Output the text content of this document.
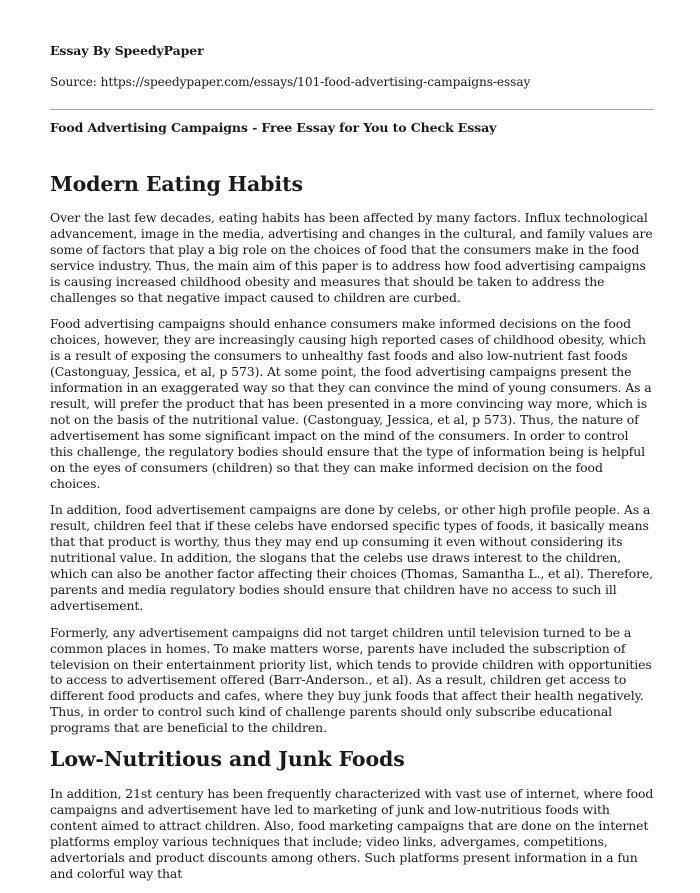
Essay By SpeedyPaper

Source: https://speedypaper.com/essays/101-food-advertising-campaigns-essay

Food Advertising Campaigns - Free Essay for You to Check Essay

Modern Eating Habits

Over the last few decades, eating habits has been affected by many factors. Influx technological advancement, image in the media, advertising and changes in the cultural, and family values are some of factors that play a big role on the choices of food that the consumers make in the food service industry. Thus, the main aim of this paper is to address how food advertising campaigns is causing increased childhood obesity and measures that should be taken to address the challenges so that negative impact caused to children are curbed.

Food advertising campaigns should enhance consumers make informed decisions on the food choices, however, they are increasingly causing high reported cases of childhood obesity, which is a result of exposing the consumers to unhealthy fast foods and also low-nutrient fast foods (Castonguay, Jessica, et al, p 573). At some point, the food advertising campaigns present the information in an exaggerated way so that they can convince the mind of young consumers. As a result, will prefer the product that has been presented in a more convincing way more, which is not on the basis of the nutritional value. (Castonguay, Jessica, et al, p 573). Thus, the nature of advertisement has some significant impact on the mind of the consumers. In order to control this challenge, the regulatory bodies should ensure that the type of information being is helpful on the eyes of consumers (children) so that they can make informed decision on the food choices.

In addition, food advertisement campaigns are done by celebs, or other high profile people. As a result, children feel that if these celebs have endorsed specific types of foods, it basically means that that product is worthy, thus they may end up consuming it even without considering its nutritional value. In addition, the slogans that the celebs use draws interest to the children, which can also be another factor affecting their choices (Thomas, Samantha L., et al). Therefore, parents and media regulatory bodies should ensure that children have no access to such ill advertisement.

Formerly, any advertisement campaigns did not target children until television turned to be a common places in homes. To make matters worse, parents have included the subscription of television on their entertainment priority list, which tends to provide children with opportunities to access to advertisement offered (Barr-Anderson., et al). As a result, children get access to different food products and cafes, where they buy junk foods that affect their health negatively. Thus, in order to control such kind of challenge parents should only subscribe educational programs that are beneficial to the children.

Low-Nutritious and Junk Foods

In addition, 21st century has been frequently characterized with vast use of internet, where food campaigns and advertisement have led to marketing of junk and low-nutritious foods with content aimed to attract children. Also, food marketing campaigns that are done on the internet platforms employ various techniques that include; video links, advergames, competitions, advertorials and product discounts among others. Such platforms present information in a fun and colorful way that
